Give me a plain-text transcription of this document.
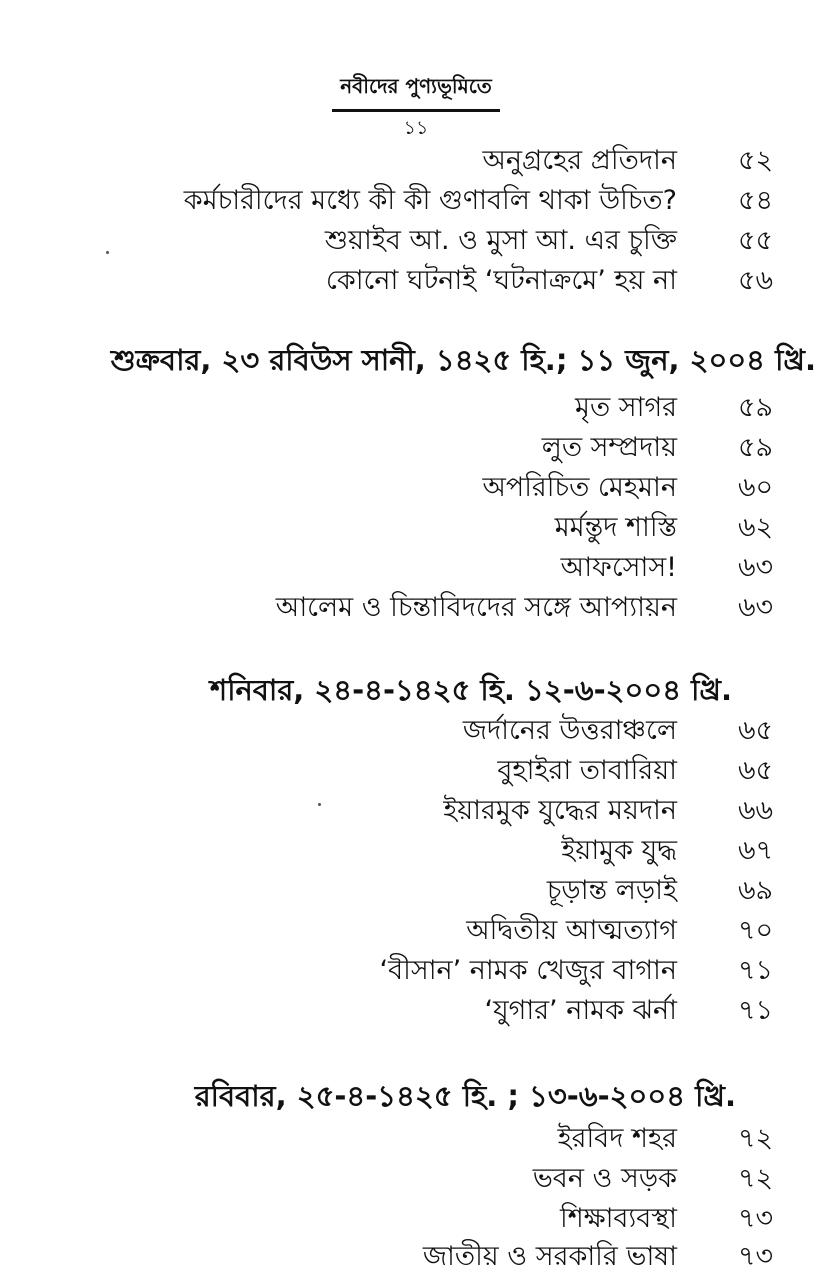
নবীদের পুণ্যভূমিতে
১১
অনুগ্রহের প্রতিদান ৫২
কর্মচারীদের মধ্যে কী কী গুণাবলি থাকা উচিত? ৫৪
শুয়াইব আ. ও মুসা আ. এর চুক্তি ৫৫
কোনো ঘটনাই ‘ঘটনাক্রমে’ হয় না ৫৬
শুক্রবার, ২৩ রবিউস সানী, ১৪২৫ হি.; ১১ জুন, ২০০৪ খ্রি.
মৃত সাগর ৫৯
লুত সম্প্রদায় ৫৯
অপরিচিত মেহমান ৬০
মর্মন্তুদ শাস্তি ৬২
আফসোস! ৬৩
আলেম ও চিন্তাবিদদের সঙ্গে আপ্যায়ন ৬৩
শনিবার, ২৪-৪-১৪২৫ হি. ১২-৬-২০০৪ খ্রি.
জর্দানের উত্তরাঞ্চলে ৬৫
বুহাইরা তাবারিয়া ৬৫
ইয়ারমুক যুদ্ধের ময়দান ৬৬
ইয়ামুক যুদ্ধ ৬৭
চূড়ান্ত লড়াই ৬৯
অদ্বিতীয় আত্মত্যাগ ৭০
‘বীসান’ নামক খেজুর বাগান ৭১
‘যুগার’ নামক ঝর্না ৭১
রবিবার, ২৫-৪-১৪২৫ হি. ; ১৩-৬-২০০৪ খ্রি.
ইরবিদ শহর ৭২
ভবন ও সড়ক ৭২
শিক্ষাব্যবস্থা ৭৩
জাতীয় ও সরকারি ভাষা ৭৩
